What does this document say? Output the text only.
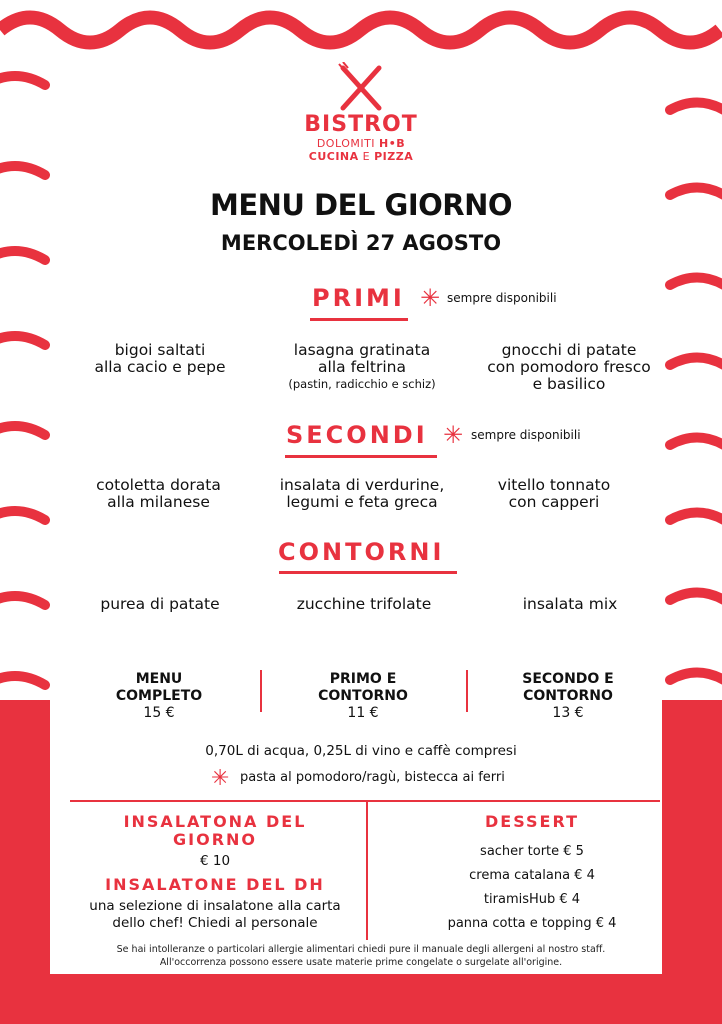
BISTROT
DOLOMITI H•B
CUCINA E PIZZA
MENU DEL GIORNO
MERCOLEDÌ 27 AGOSTO
PRIMI ✳ sempre disponibili
bigoi saltati
alla cacio e pepe
lasagna gratinata
alla feltrina
(pastin, radicchio e schiz)
gnocchi di patate
con pomodoro fresco
e basilico
SECONDI ✳ sempre disponibili
cotoletta dorata
alla milanese
insalata di verdurine,
legumi e feta greca
vitello tonnato
con capperi
CONTORNI
purea di patate	zucchine trifolate	insalata mix
MENU
COMPLETO
15 €
PRIMO E
CONTORNO
11 €
SECONDO E
CONTORNO
13 €
0,70L di acqua, 0,25L di vino e caffè compresi
✳ pasta al pomodoro/ragù, bistecca ai ferri
INSALATONA DEL
GIORNO
€ 10
INSALATONE DEL DH
una selezione di insalatone alla carta
dello chef! Chiedi al personale
DESSERT
sacher torte € 5
crema catalana € 4
tiramisHub € 4
panna cotta e topping € 4
Se hai intolleranze o particolari allergie alimentari chiedi pure il manuale degli allergeni al nostro staff.
All'occorrenza possono essere usate materie prime congelate o surgelate all'origine.
